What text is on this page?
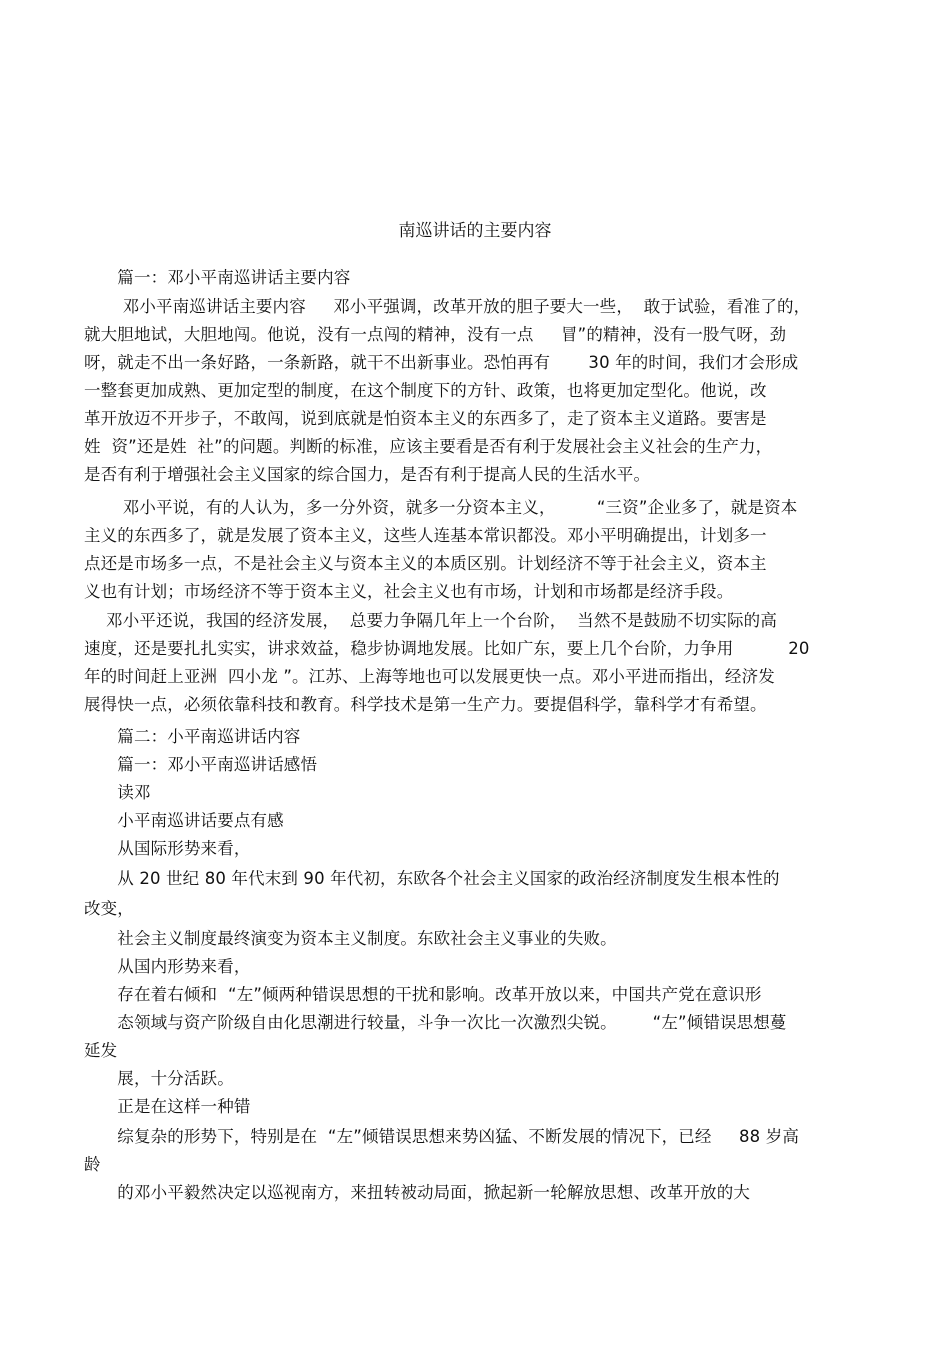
南巡讲话的主要内容
　　篇一：邓小平南巡讲话主要内容
　　 邓小平南巡讲话主要内容　  邓小平强调，改革开放的胆子要大一些，  敢于试验，看准了的，
就大胆地试，大胆地闯。他说，没有一点闯的精神，没有一点　  冒”的精神，没有一股气呀，劲
呀，就走不出一条好路，一条新路，就干不出新事业。恐怕再有　    30 年的时间，我们才会形成
一整套更加成熟、更加定型的制度，在这个制度下的方针、政策，也将更加定型化。他说，改
革开放迈不开步子，不敢闯，说到底就是怕资本主义的东西多了，走了资本主义道路。要害是
姓  资”还是姓  社”的问题。判断的标准，应该主要看是否有利于发展社会主义社会的生产力，
是否有利于增强社会主义国家的综合国力，是否有利于提高人民的生活水平。
　　 邓小平说，有的人认为，多一分外资，就多一分资本主义，　　   “三资”企业多了，就是资本
主义的东西多了，就是发展了资本主义，这些人连基本常识都没。邓小平明确提出，计划多一
点还是市场多一点，不是社会主义与资本主义的本质区别。计划经济不等于社会主义，资本主
义也有计划；市场经济不等于资本主义，社会主义也有市场，计划和市场都是经济手段。
　 邓小平还说，我国的经济发展，  总要力争隔几年上一个台阶，  当然不是鼓励不切实际的高
速度，还是要扎扎实实，讲求效益，稳步协调地发展。比如广东，要上几个台阶，力争用　　    20
年的时间赶上亚洲  四小龙 ”。江苏、上海等地也可以发展更快一点。邓小平进而指出，经济发
展得快一点，必须依靠科技和教育。科学技术是第一生产力。要提倡科学，靠科学才有希望。
　　篇二：小平南巡讲话内容
　　篇一：邓小平南巡讲话感悟
　　读邓
　　小平南巡讲话要点有感
　　从国际形势来看，
　　从 20 世纪 80 年代末到 90 年代初，东欧各个社会主义国家的政治经济制度发生根本性的
改变，
　　社会主义制度最终演变为资本主义制度。东欧社会主义事业的失败。
　　从国内形势来看，
　　存在着右倾和  “左”倾两种错误思想的干扰和影响。改革开放以来，中国共产党在意识形
　　态领域与资产阶级自由化思潮进行较量，斗争一次比一次激烈尖锐。　　  “左”倾错误思想蔓
延发
　　展，十分活跃。
　　正是在这样一种错
　　综复杂的形势下，特别是在  “左”倾错误思想来势凶猛、不断发展的情况下，已经　  88 岁高
龄
　　的邓小平毅然决定以巡视南方，来扭转被动局面，掀起新一轮解放思想、改革开放的大
